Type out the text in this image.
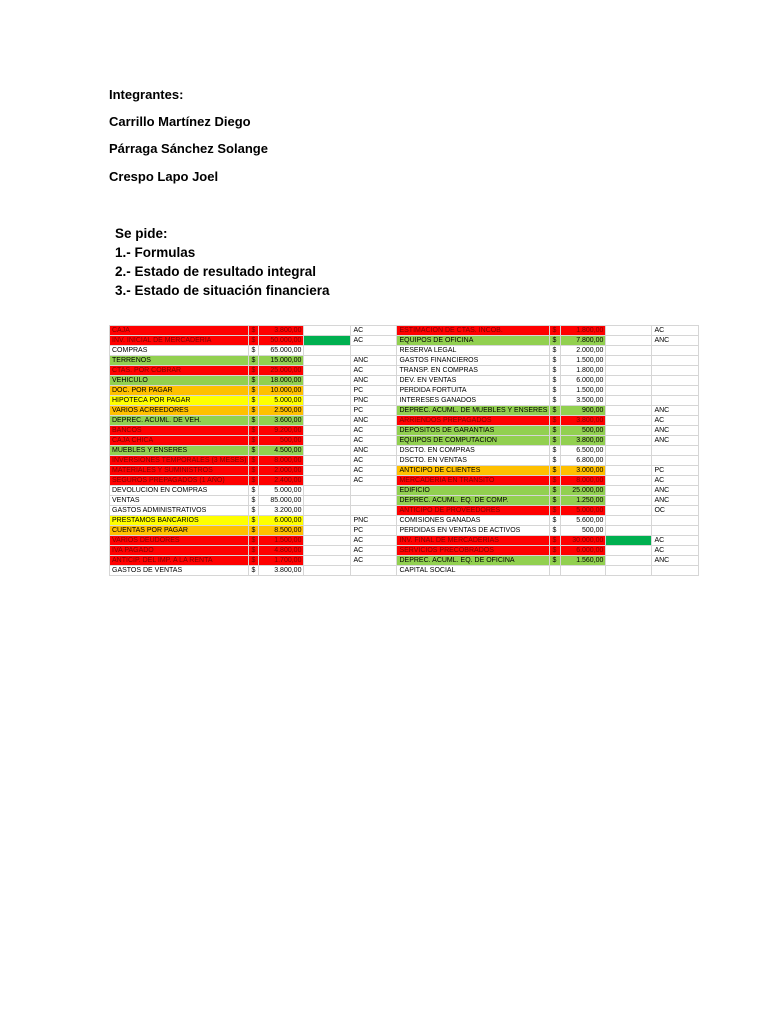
Integrantes:
Carrillo Martínez Diego
Párraga Sánchez Solange
Crespo Lapo Joel
Se pide:
1.- Formulas
2.- Estado de resultado integral
3.- Estado de situación financiera
CAJA	$	3.800,00		AC	ESTIMACION DE CTAS. INCOB.	$	1.800,00		AC
INV. INICIAL DE MERCADERIA	$	50.000,00		AC	EQUIPOS DE OFICINA	$	7.800,00		ANC
COMPRAS	$	65.000,00			RESERVA LEGAL	$	2.000,00		
TERRENOS	$	15.000,00		ANC	GASTOS FINANCIEROS	$	1.500,00		
CTAS. POR COBRAR	$	25.000,00		AC	TRANSP. EN COMPRAS	$	1.800,00		
VEHICULO	$	18.000,00		ANC	DEV. EN VENTAS	$	6.000,00		
DOC. POR PAGAR	$	10.000,00		PC	PERDIDA FORTUITA	$	1.500,00		
HIPOTECA POR PAGAR	$	5.000,00		PNC	INTERESES GANADOS	$	3.500,00		
VARIOS ACREEDORES	$	2.500,00		PC	DEPREC. ACUML. DE MUEBLES Y ENSERES	$	900,00		ANC
DEPREC. ACUML. DE VEH.	$	3.600,00		ANC	ARRIENDOS PREPAGADOS	$	3.800,00		AC
BANCOS	$	9.200,00		AC	DEPOSITOS DE GARANTIAS	$	500,00		ANC
CAJA CHICA	$	500,00		AC	EQUIPOS DE COMPUTACION	$	3.800,00		ANC
MUEBLES Y ENSERES	$	4.500,00		ANC	DSCTO. EN COMPRAS	$	6.500,00		
INVERSIONES TEMPORALES (3 MESES)	$	8.000,00		AC	DSCTO. EN VENTAS	$	6.800,00		
MATERIALES Y SUMINISTROS	$	2.000,00		AC	ANTICIPO DE CLIENTES	$	3.000,00		PC
SEGUROS PREPAGADOS (1 AÑO)	$	2.400,00		AC	MERCADERIA EN TRANSITO	$	8.000,00		AC
DEVOLUCION EN COMPRAS	$	5.000,00			EDIFICIO	$	25.000,00		ANC
VENTAS	$	85.000,00			DEPREC. ACUML. EQ. DE COMP.	$	1.250,00		ANC
GASTOS ADMINISTRATIVOS	$	3.200,00			ANTICIPO DE PROVEEDORES	$	5.000,00		OC
PRESTAMOS BANCARIOS	$	6.000,00		PNC	COMISIONES GANADAS	$	5.600,00		
CUENTAS POR PAGAR	$	8.500,00		PC	PERDIDAS EN VENTAS DE ACTIVOS	$	500,00		
VARIOS DEUDORES	$	1.500,00		AC	INV. FINAL DE MERCADERIAS	$	30.000,00		AC
IVA PAGADO	$	4.800,00		AC	SERVICIOS PRECOBRADOS	$	6.000,00		AC
ANTICIP. DEL IMP. A LA RENTA	$	1.700,00		AC	DEPREC. ACUML. EQ. DE OFICINA	$	1.560,00		ANC
GASTOS DE VENTAS	$	3.800,00			CAPITAL SOCIAL				
